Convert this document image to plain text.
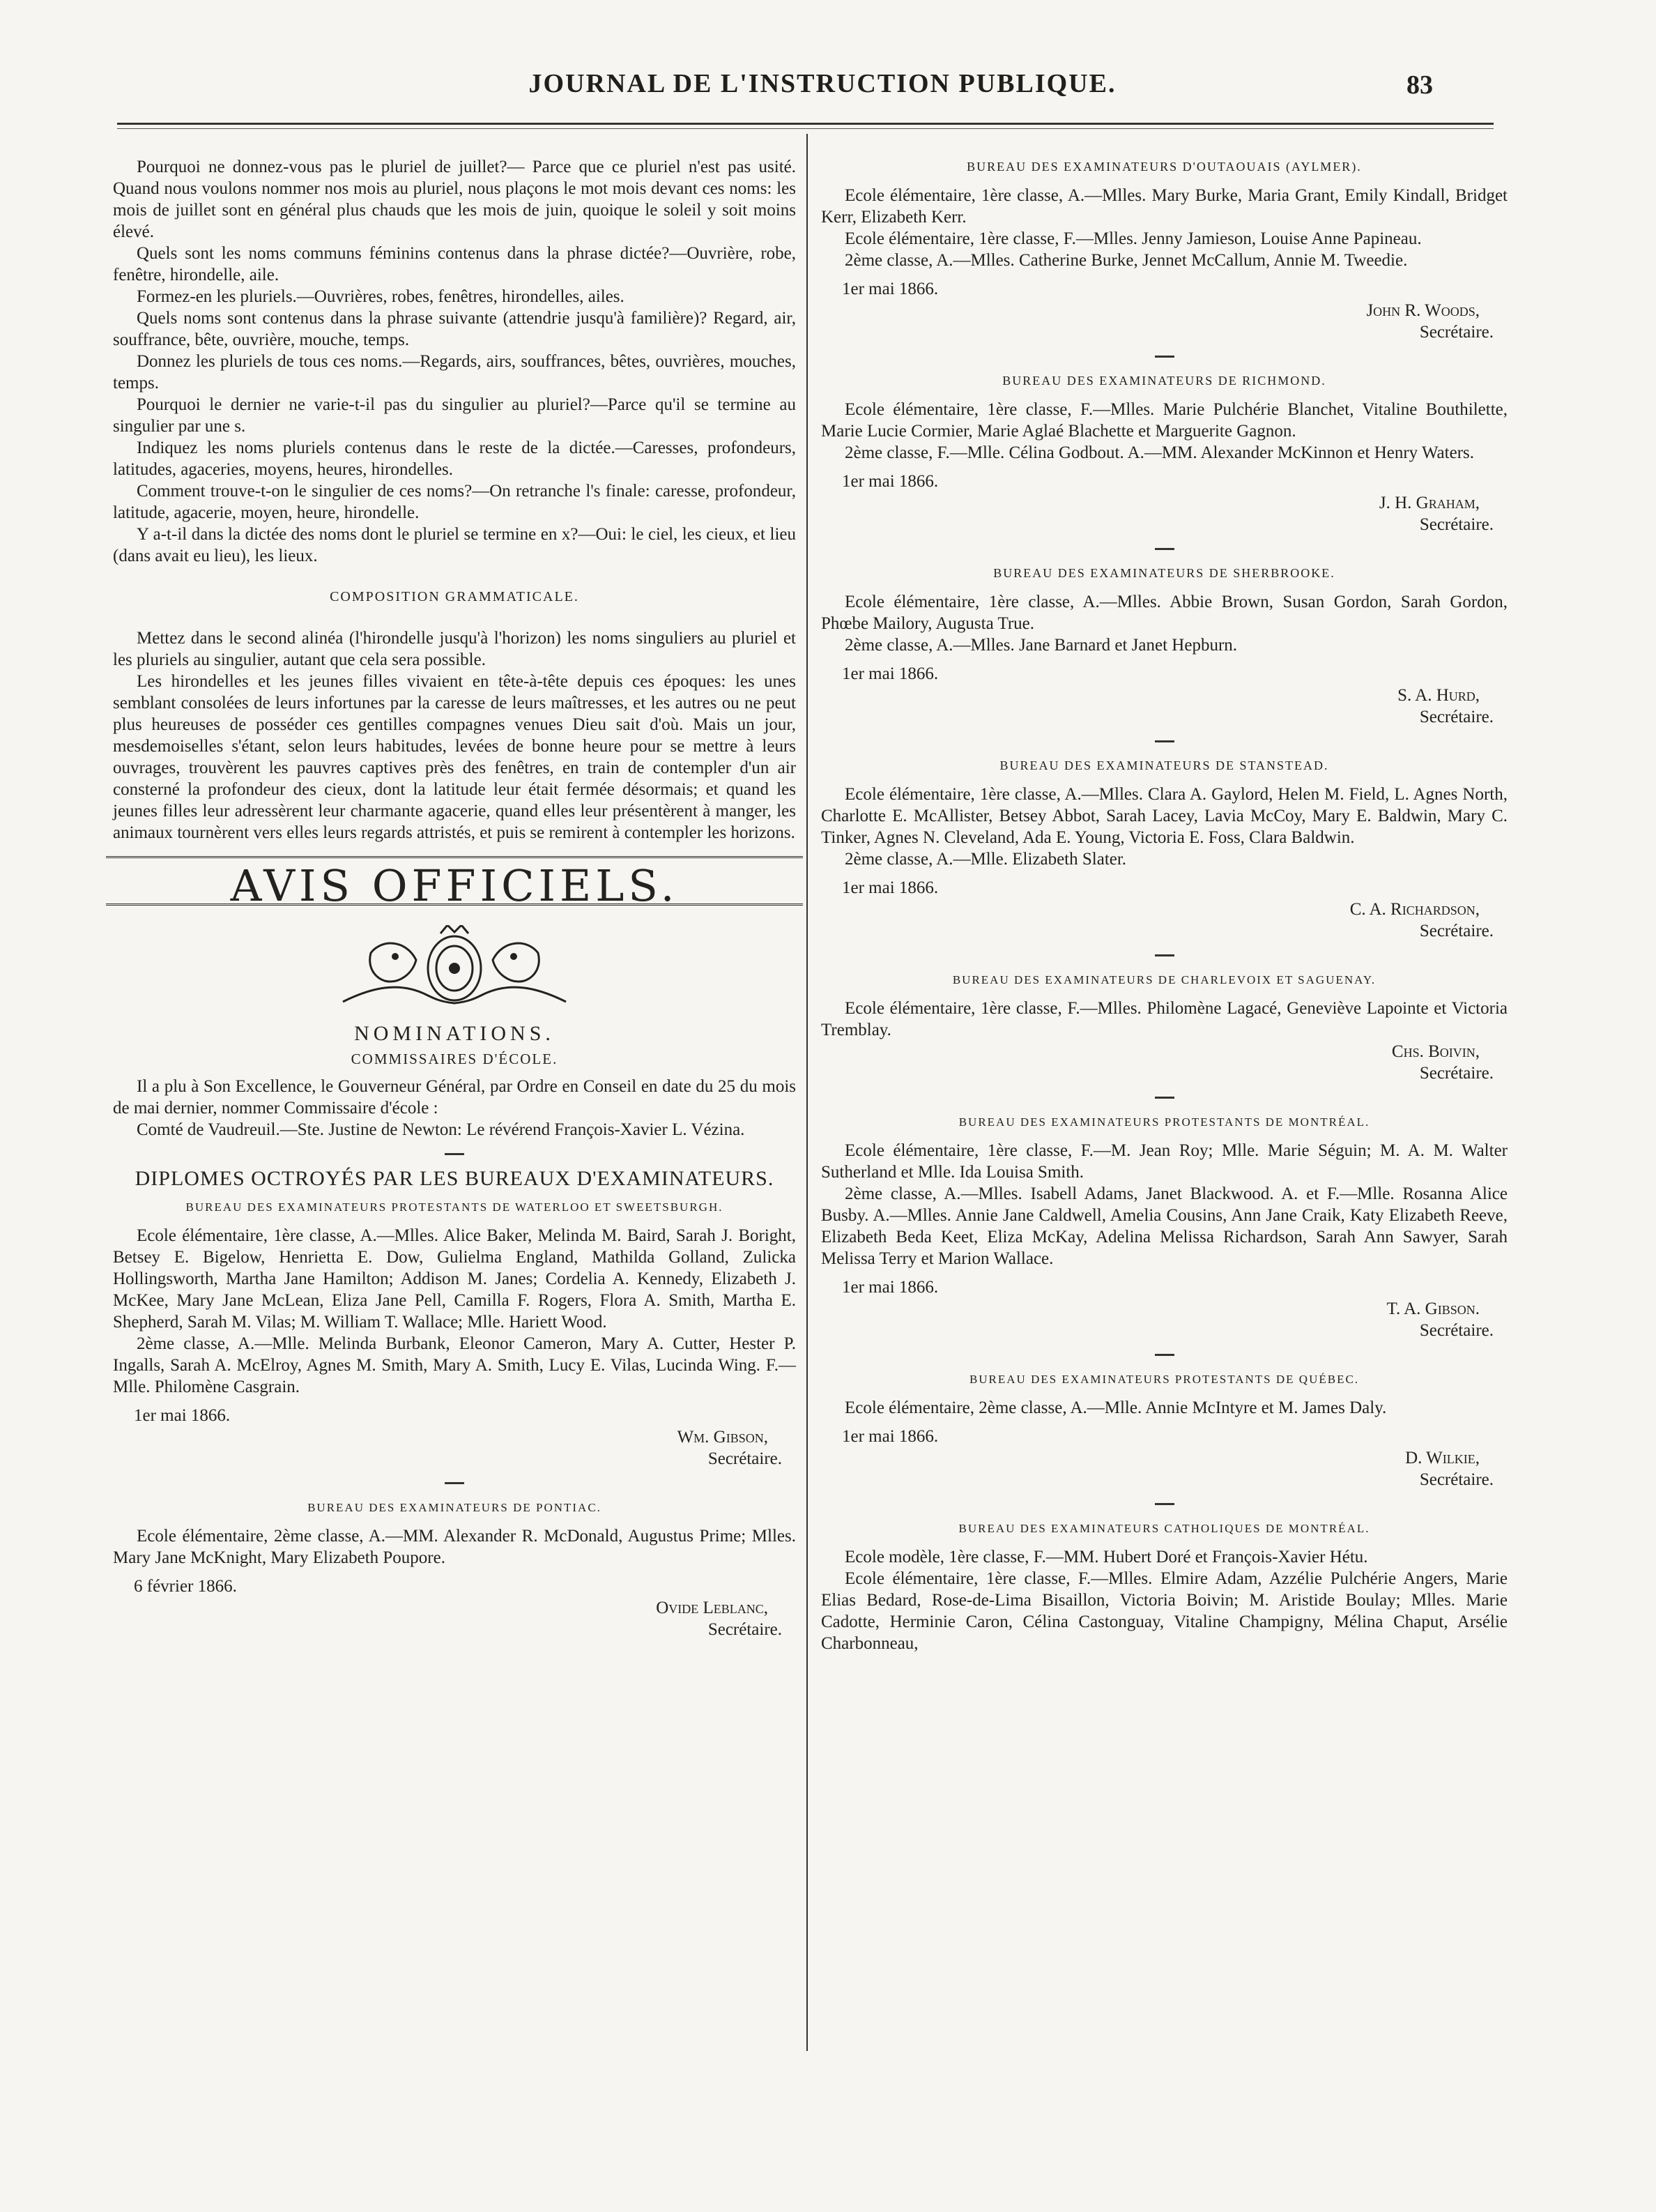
JOURNAL DE L'INSTRUCTION PUBLIQUE.	83

Pourquoi ne donnez-vous pas le pluriel de juillet?— Parce que ce pluriel n'est pas usité. Quand nous voulons nommer nos mois au pluriel, nous plaçons le mot mois devant ces noms: les mois de juillet sont en général plus chauds que les mois de juin, quoique le soleil y soit moins élevé.

Quels sont les noms communs féminins contenus dans la phrase dictée?—Ouvrière, robe, fenêtre, hirondelle, aile.

Formez-en les pluriels.—Ouvrières, robes, fenêtres, hirondelles, ailes.

Quels noms sont contenus dans la phrase suivante (attendrie jusqu'à familière)? Regard, air, souffrance, bête, ouvrière, mouche, temps.

Donnez les pluriels de tous ces noms.—Regards, airs, souffrances, bêtes, ouvrières, mouches, temps.

Pourquoi le dernier ne varie-t-il pas du singulier au pluriel?—Parce qu'il se termine au singulier par une s.

Indiquez les noms pluriels contenus dans le reste de la dictée.—Caresses, profondeurs, latitudes, agaceries, moyens, heures, hirondelles.

Comment trouve-t-on le singulier de ces noms?—On retranche l's finale: caresse, profondeur, latitude, agacerie, moyen, heure, hirondelle.

Y a-t-il dans la dictée des noms dont le pluriel se termine en x?—Oui: le ciel, les cieux, et lieu (dans avait eu lieu), les lieux.

COMPOSITION GRAMMATICALE.

Mettez dans le second alinéa (l'hirondelle jusqu'à l'horizon) les noms singuliers au pluriel et les pluriels au singulier, autant que cela sera possible.

Les hirondelles et les jeunes filles vivaient en tête-à-tête depuis ces époques: les unes semblant consolées de leurs infortunes par la caresse de leurs maîtresses, et les autres ou ne peut plus heureuses de posséder ces gentilles compagnes venues Dieu sait d'où. Mais un jour, mesdemoiselles s'étant, selon leurs habitudes, levées de bonne heure pour se mettre à leurs ouvrages, trouvèrent les pauvres captives près des fenêtres, en train de contempler d'un air consterné la profondeur des cieux, dont la latitude leur était fermée désormais; et quand les jeunes filles leur adressèrent leur charmante agacerie, quand elles leur présentèrent à manger, les animaux tournèrent vers elles leurs regards attristés, et puis se remirent à contempler les horizons.

AVIS OFFICIELS.
NOMINATIONS.
COMMISSAIRES D'ÉCOLE.

Il a plu à Son Excellence, le Gouverneur Général, par Ordre en Conseil en date du 25 du mois de mai dernier, nommer Commissaire d'école :

Comté de Vaudreuil.—Ste. Justine de Newton: Le révérend François-Xavier L. Vézina.

DIPLOMES OCTROYÉS PAR LES BUREAUX D'EXAMINATEURS.
BUREAU DES EXAMINATEURS PROTESTANTS DE WATERLOO ET SWEETSBURGH.

Ecole élémentaire, 1ère classe, A.—Mlles. Alice Baker, Melinda M. Baird, Sarah J. Boright, Betsey E. Bigelow, Henrietta E. Dow, Gulielma England, Mathilda Golland, Zulicka Hollingsworth, Martha Jane Hamilton; Addison M. Janes; Cordelia A. Kennedy, Elizabeth J. McKee, Mary Jane McLean, Eliza Jane Pell, Camilla F. Rogers, Flora A. Smith, Martha E. Shepherd, Sarah M. Vilas; M. William T. Wallace; Mlle. Hariett Wood.

2ème classe, A.—Mlle. Melinda Burbank, Eleonor Cameron, Mary A. Cutter, Hester P. Ingalls, Sarah A. McElroy, Agnes M. Smith, Mary A. Smith, Lucy E. Vilas, Lucinda Wing. F.—Mlle. Philomène Casgrain.

1er mai 1866.

Wm. Gibson,

Secrétaire.

BUREAU DES EXAMINATEURS DE PONTIAC.

Ecole élémentaire, 2ème classe, A.—MM. Alexander R. McDonald, Augustus Prime; Mlles. Mary Jane McKnight, Mary Elizabeth Poupore.

6 février 1866.

Ovide Leblanc,

Secrétaire.

BUREAU DES EXAMINATEURS D'OUTAOUAIS (AYLMER).

Ecole élémentaire, 1ère classe, A.—Mlles. Mary Burke, Maria Grant, Emily Kindall, Bridget Kerr, Elizabeth Kerr.

Ecole élémentaire, 1ère classe, F.—Mlles. Jenny Jamieson, Louise Anne Papineau.

2ème classe, A.—Mlles. Catherine Burke, Jennet McCallum, Annie M. Tweedie.

1er mai 1866.

John R. Woods,

Secrétaire.

BUREAU DES EXAMINATEURS DE RICHMOND.

Ecole élémentaire, 1ère classe, F.—Mlles. Marie Pulchérie Blanchet, Vitaline Bouthilette, Marie Lucie Cormier, Marie Aglaé Blachette et Marguerite Gagnon.

2ème classe, F.—Mlle. Célina Godbout. A.—MM. Alexander McKinnon et Henry Waters.

1er mai 1866.

J. H. Graham,

Secrétaire.

BUREAU DES EXAMINATEURS DE SHERBROOKE.

Ecole élémentaire, 1ère classe, A.—Mlles. Abbie Brown, Susan Gordon, Sarah Gordon, Phœbe Mailory, Augusta True.

2ème classe, A.—Mlles. Jane Barnard et Janet Hepburn.

1er mai 1866.

S. A. Hurd,

Secrétaire.

BUREAU DES EXAMINATEURS DE STANSTEAD.

Ecole élémentaire, 1ère classe, A.—Mlles. Clara A. Gaylord, Helen M. Field, L. Agnes North, Charlotte E. McAllister, Betsey Abbot, Sarah Lacey, Lavia McCoy, Mary E. Baldwin, Mary C. Tinker, Agnes N. Cleveland, Ada E. Young, Victoria E. Foss, Clara Baldwin.

2ème classe, A.—Mlle. Elizabeth Slater.

1er mai 1866.

C. A. Richardson,

Secrétaire.

BUREAU DES EXAMINATEURS DE CHARLEVOIX ET SAGUENAY.

Ecole élémentaire, 1ère classe, F.—Mlles. Philomène Lagacé, Geneviève Lapointe et Victoria Tremblay.

Chs. Boivin,

Secrétaire.

BUREAU DES EXAMINATEURS PROTESTANTS DE MONTRÉAL.

Ecole élémentaire, 1ère classe, F.—M. Jean Roy; Mlle. Marie Séguin; M. A. M. Walter Sutherland et Mlle. Ida Louisa Smith.

2ème classe, A.—Mlles. Isabell Adams, Janet Blackwood. A. et F.—Mlle. Rosanna Alice Busby. A.—Mlles. Annie Jane Caldwell, Amelia Cousins, Ann Jane Craik, Katy Elizabeth Reeve, Elizabeth Beda Keet, Eliza McKay, Adelina Melissa Richardson, Sarah Ann Sawyer, Sarah Melissa Terry et Marion Wallace.

1er mai 1866.

T. A. Gibson.

Secrétaire.

BUREAU DES EXAMINATEURS PROTESTANTS DE QUÉBEC.

Ecole élémentaire, 2ème classe, A.—Mlle. Annie McIntyre et M. James Daly.

1er mai 1866.

D. Wilkie,

Secrétaire.

BUREAU DES EXAMINATEURS CATHOLIQUES DE MONTRÉAL.

Ecole modèle, 1ère classe, F.—MM. Hubert Doré et François-Xavier Hétu.

Ecole élémentaire, 1ère classe, F.—Mlles. Elmire Adam, Azzélie Pulchérie Angers, Marie Elias Bedard, Rose-de-Lima Bisaillon, Victoria Boivin; M. Aristide Boulay; Mlles. Marie Cadotte, Herminie Caron, Célina Castonguay, Vitaline Champigny, Mélina Chaput, Arsélie Charbonneau,
